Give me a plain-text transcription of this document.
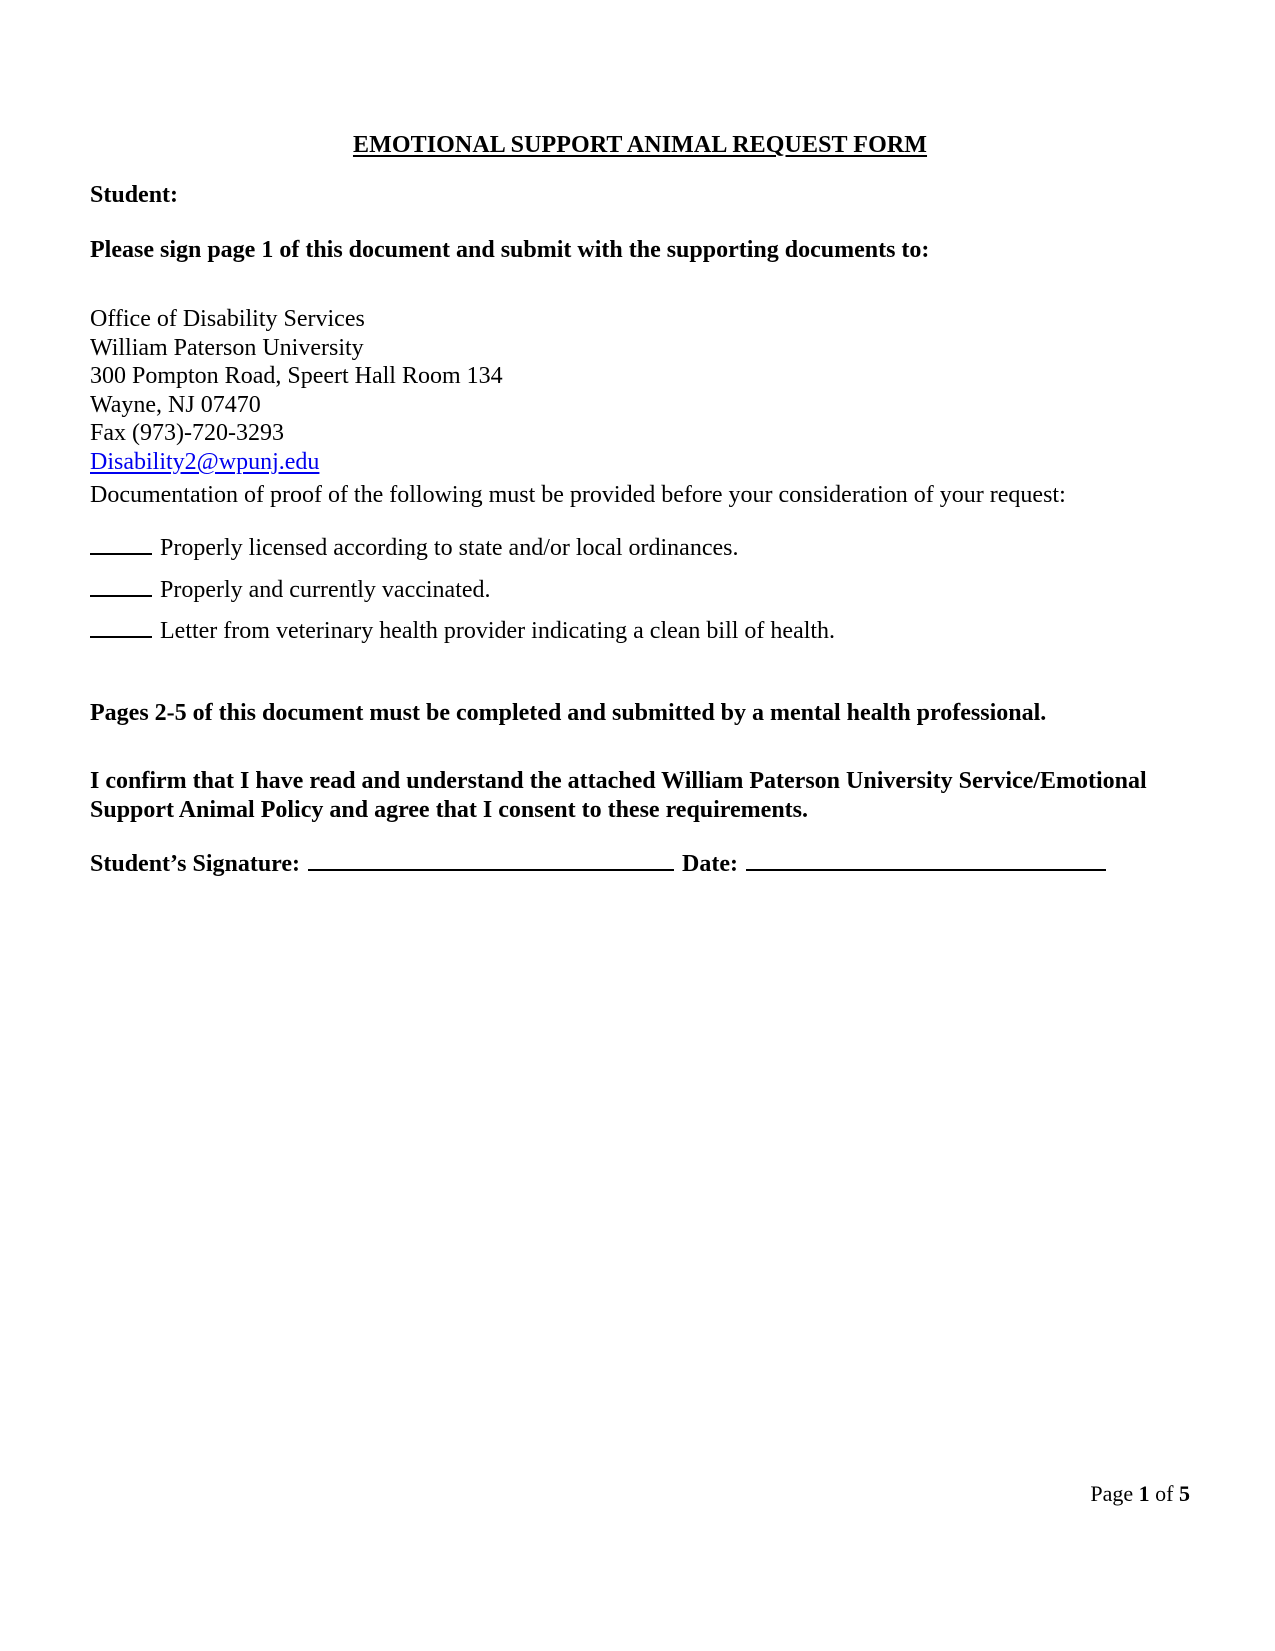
EMOTIONAL SUPPORT ANIMAL REQUEST FORM
Student:
Please sign page 1 of this document and submit with the supporting documents to:
Office of Disability Services
William Paterson University
300 Pompton Road, Speert Hall Room 134
Wayne, NJ 07470
Fax (973)-720-3293
Disability2@wpunj.edu
Documentation of proof of the following must be provided before your consideration of your request:
Properly licensed according to state and/or local ordinances.
Properly and currently vaccinated.
Letter from veterinary health provider indicating a clean bill of health.
Pages 2-5 of this document must be completed and submitted by a mental health professional.
I confirm that I have read and understand the attached William Paterson University Service/Emotional Support Animal Policy and agree that I consent to these requirements.
Student’s Signature:	Date:
Page 1 of 5
